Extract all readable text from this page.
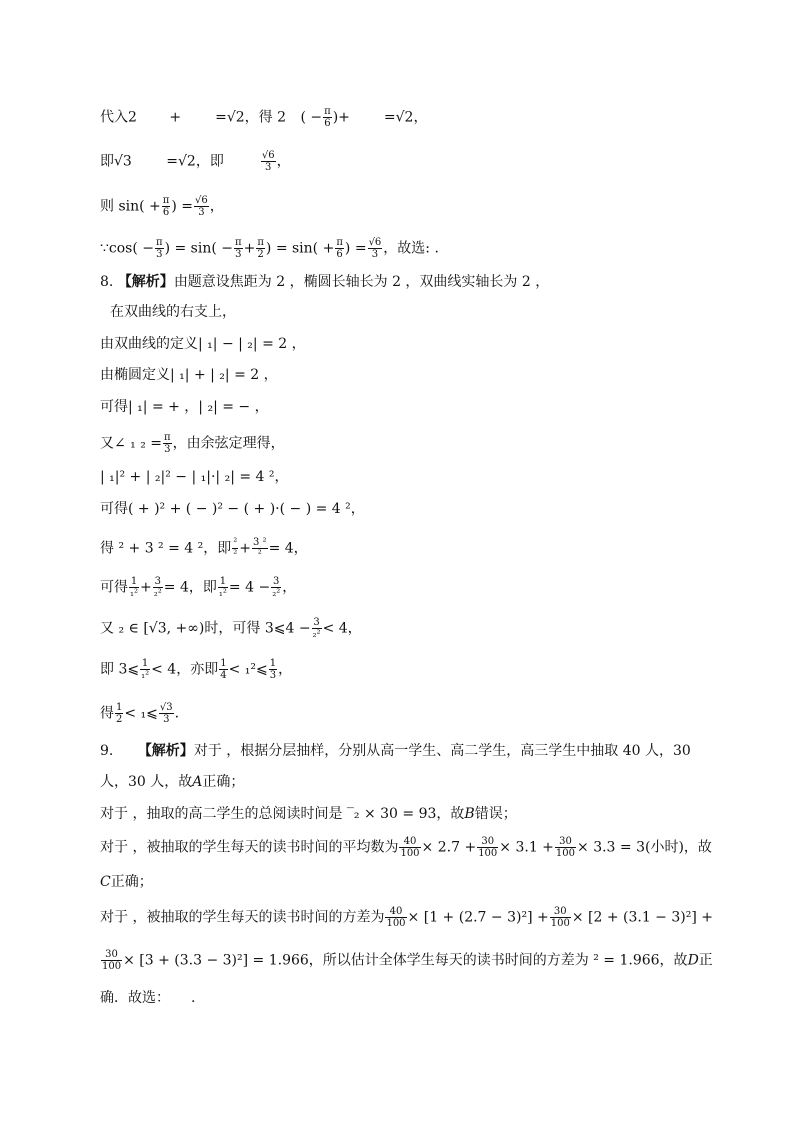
代入2 + =√2，得 2 ( − $\frac{\pi}{6}$ )+ =√2，
即√3 =√2，即	$\frac{√6}{3}$ ，
则 $\sin( + \frac{\pi}{6}$ ) = $\frac{√6}{3}$ ，
∵cos( − $\frac{\pi}{3}$ ) = $\sin( - \frac{\pi}{3} + \frac{\pi}{2}$ ) = $\sin( + \frac{\pi}{6}$ ) = $\frac{√6}{3}$ ，故选: .
8. 【解析】由题意设焦距为 2 ，椭圆长轴长为 2 ，双曲线实轴长为 2 ，
在双曲线的右支上，
由双曲线的定义| ₁| − | ₂| = 2 ，
由椭圆定义| ₁| + | ₂| = 2 ，
可得| ₁| = + ，| ₂| = − ，
又∠ ₁ $_2 = \frac{\pi}{3}$ ，由余弦定理得，
| ₁|² + | ₂|² − | ₁|·| ₂| = 4 ²，
可得( + )² + ( − )² − ( + )·( − ) = 4 ²，
得 ² + 3 ² = 4 ²，即 $\frac{\text{²}}{\text{²}} + \frac{\text{3 ²}}{\text{²}} = 4$，
可得 $\frac{1}{\text{₁²}} + \frac{3}{\text{₂²}} = 4$，即 $\frac{1}{\text{₁²}} = 4 - \frac{3}{\text{₂²}}$ ，
又 ₂ ∈ [√3, +∞)时，可得 3⩽4 − $\frac{3}{\text{₂²}} < 4$，
即 3⩽ $\frac{1}{\text{₁²}} < 4$，亦即 $\frac{1}{4}$ < ₁²⩽ $\frac{1}{3}$ ，
得 $\frac{1}{2}$ < ₁⩽ $\frac{√3}{3}$ .
9. 【解析】对于 ，根据分层抽样，分别从高一学生、高二学生，高三学生中抽取 40 人，30
人，30 人，故A正确；
对于 ，抽取的高二学生的总阅读时间是 ‾₂ × 30 = 93，故B错误；
对于 ，被抽取的学生每天的读书时间的平均数为 $\frac{40}{100} \times 2.7 + \frac{30}{100} \times 3.1 + \frac{30}{100} \times 3.3 = 3$(小时)，故
C正确；
对于 ，被抽取的学生每天的读书时间的方差为 $\frac{40}{100} \times [1 + (2.7 - 3)^2] + \frac{30}{100} \times [2 + (3.1 - 3)^2]$ +
$\frac{30}{100} \times [3 + (3.3 - 3)^2] = 1.966$，所以估计全体学生每天的读书时间的方差为 ² = 1.966，故D正
确．故选：　　.
